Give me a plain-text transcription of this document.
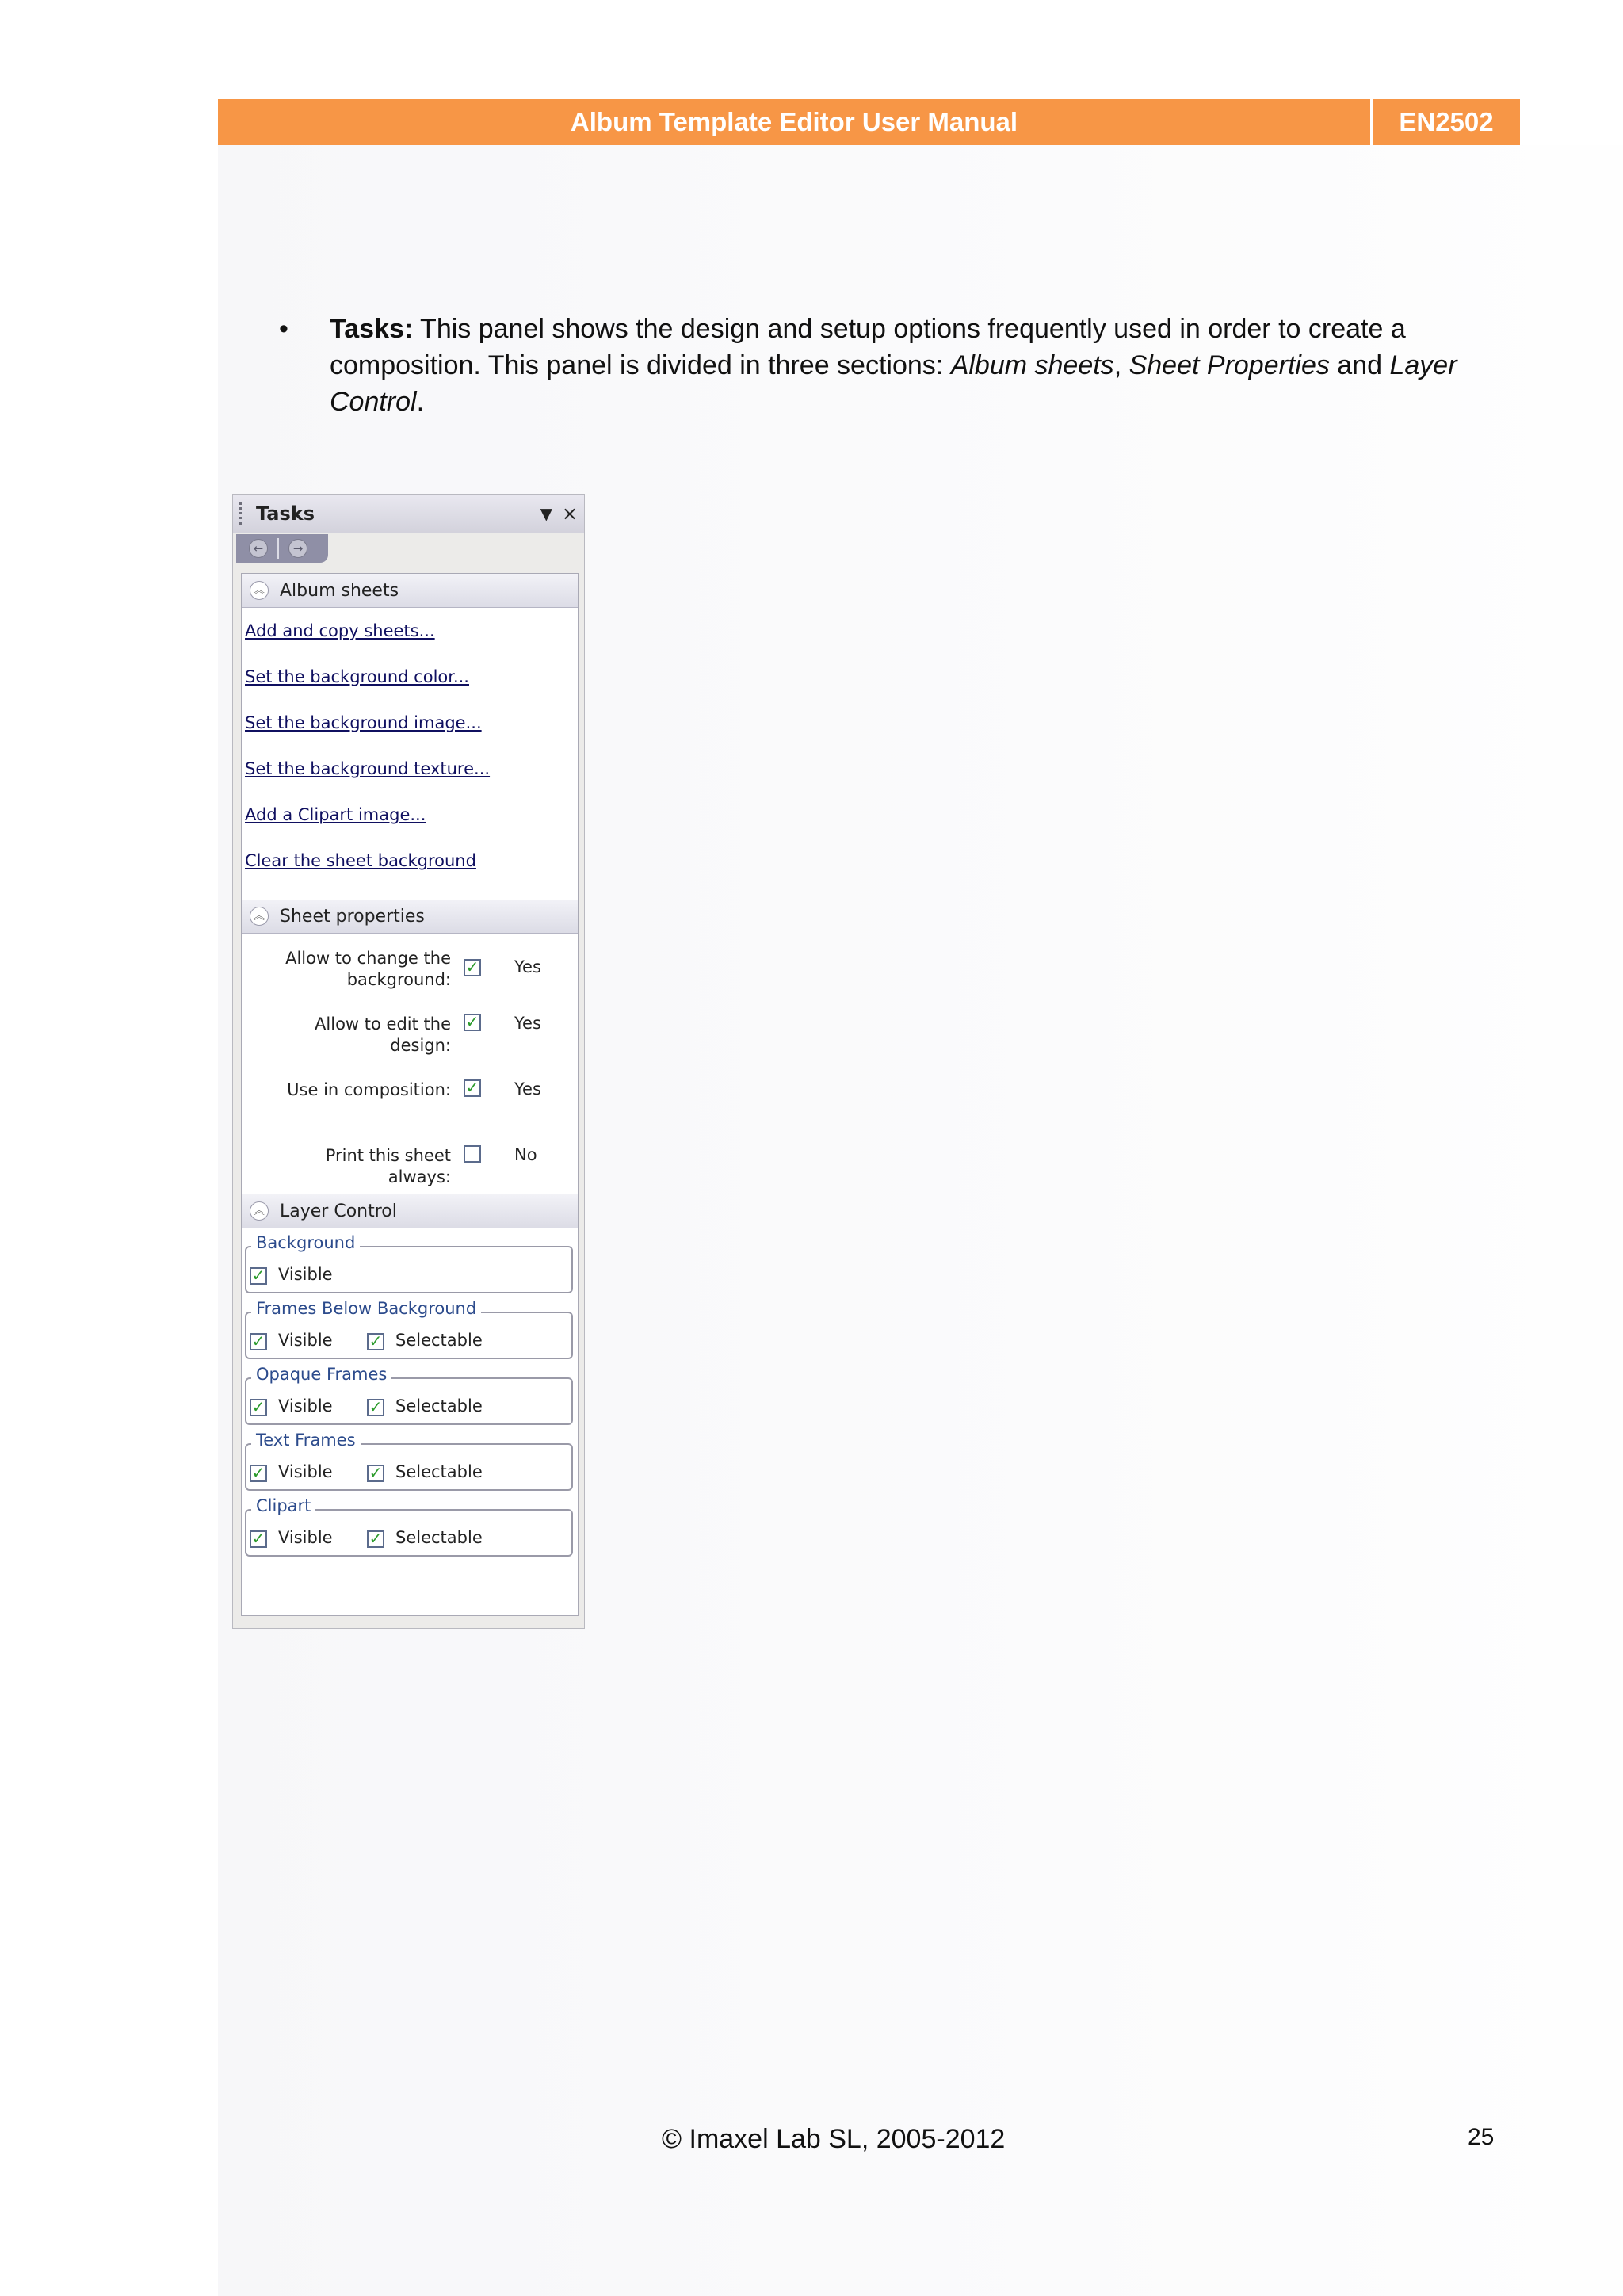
Album Template Editor User Manual	EN2502
•	Tasks: This panel shows the design and setup options frequently used in order to create a composition. This panel is divided in three sections: Album sheets, Sheet Properties and Layer Control.
Tasks	▼ ×
←	→
︽ Album sheets
Add and copy sheets...
Set the background color...
Set the background image...
Set the background texture...
Add a Clipart image...
Clear the sheet background
︽ Sheet properties
Allow to change the background:
✓ Yes
Allow to edit the design:
✓ Yes
Use in composition: ✓ Yes
Print this sheet always:
No
︽ Layer Control
Background
✓ Visible
Frames Below Background
✓ Visible ✓ Selectable
Opaque Frames
✓ Visible ✓ Selectable
Text Frames
✓ Visible ✓ Selectable
Clipart
✓ Visible ✓ Selectable
© Imaxel Lab SL, 2005-2012	25
